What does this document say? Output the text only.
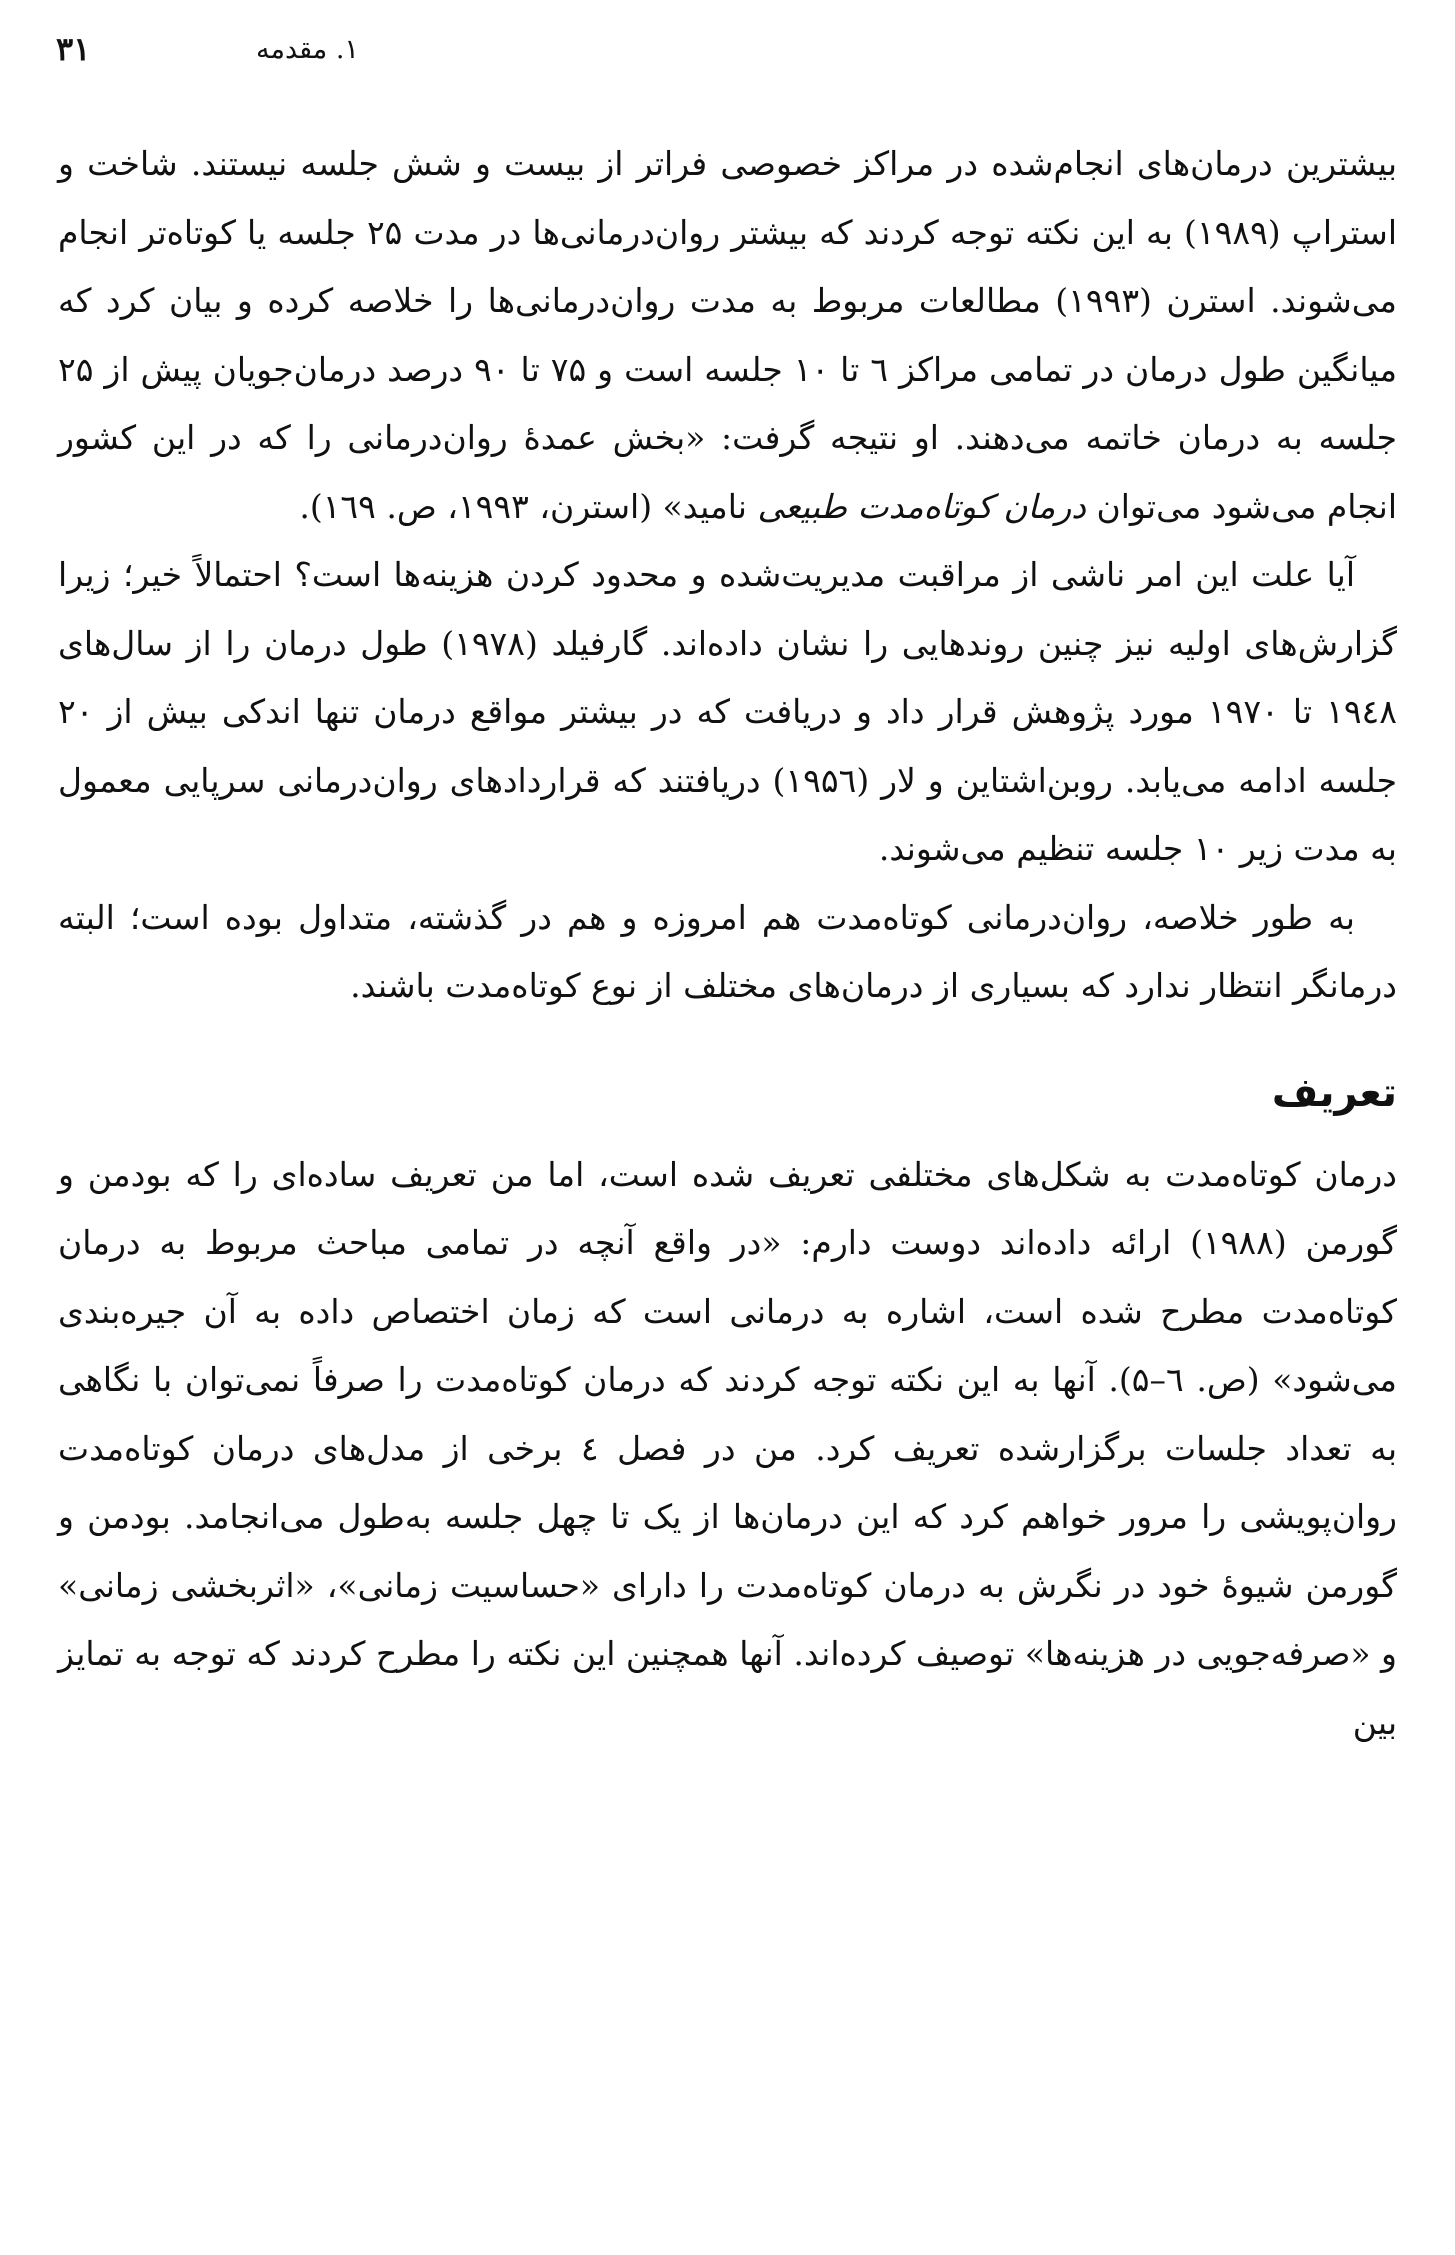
۳۱	۱. مقدمه

بیشترین درمان‌های انجام‌شده در مراکز خصوصی فراتر از بیست و شش جلسه نیستند. شاخت و استراپ (۱۹۸۹) به این نکته توجه کردند که بیشتر روان‌درمانی‌ها در مدت ۲۵ جلسه یا کوتاه‌تر انجام می‌شوند. استرن (۱۹۹۳) مطالعات مربوط به مدت روان‌درمانی‌ها را خلاصه کرده و بیان کرد که میانگین طول درمان در تمامی مراکز ٦ تا ۱۰ جلسه است و ۷۵ تا ۹۰ درصد درمان‌جویان پیش از ۲۵ جلسه به درمان خاتمه می‌دهند. او نتیجه گرفت: «بخش عمدهٔ روان‌درمانی را که در این کشور انجام می‌شود می‌توان درمان کوتاه‌مدت طبیعی نامید» (استرن، ۱۹۹۳، ص. ۱٦۹).

آیا علت این امر ناشی از مراقبت مدیریت‌شده و محدود کردن هزینه‌ها است؟ احتمالاً خیر؛ زیرا گزارش‌های اولیه نیز چنین روندهایی را نشان داده‌اند. گارفیلد (۱۹۷۸) طول درمان را از سال‌های ۱۹٤۸ تا ۱۹۷۰ مورد پژوهش قرار داد و دریافت که در بیشتر مواقع درمان تنها اندکی بیش از ۲۰ جلسه ادامه می‌یابد. روبن‌اشتاین و لار (۱۹۵٦) دریافتند که قراردادهای روان‌درمانی سرپایی معمول به مدت زیر ۱۰ جلسه تنظیم می‌شوند.

به طور خلاصه، روان‌درمانی کوتاه‌مدت هم امروزه و هم در گذشته، متداول بوده است؛ البته درمانگر انتظار ندارد که بسیاری از درمان‌های مختلف از نوع کوتاه‌مدت باشند.

تعریف

درمان کوتاه‌مدت به شکل‌های مختلفی تعریف شده است، اما من تعریف ساده‌ای را که بودمن و گورمن (۱۹۸۸) ارائه داده‌اند دوست دارم: «در واقع آنچه در تمامی مباحث مربوط به درمان کوتاه‌مدت مطرح شده است، اشاره به درمانی است که زمان اختصاص داده به آن جیره‌بندی می‌شود» (ص. ٦–۵). آنها به این نکته توجه کردند که درمان کوتاه‌مدت را صرفاً نمی‌توان با نگاهی به تعداد جلسات برگزارشده تعریف کرد. من در فصل ٤ برخی از مدل‌های درمان کوتاه‌مدت روان‌پویشی را مرور خواهم کرد که این درمان‌ها از یک تا چهل جلسه به‌طول می‌انجامد. بودمن و گورمن شیوهٔ خود در نگرش به درمان کوتاه‌مدت را دارای «حساسیت زمانی»، «اثربخشی زمانی» و «صرفه‌جویی در هزینه‌ها» توصیف کرده‌اند. آنها همچنین این نکته را مطرح کردند که توجه به تمایز بین
